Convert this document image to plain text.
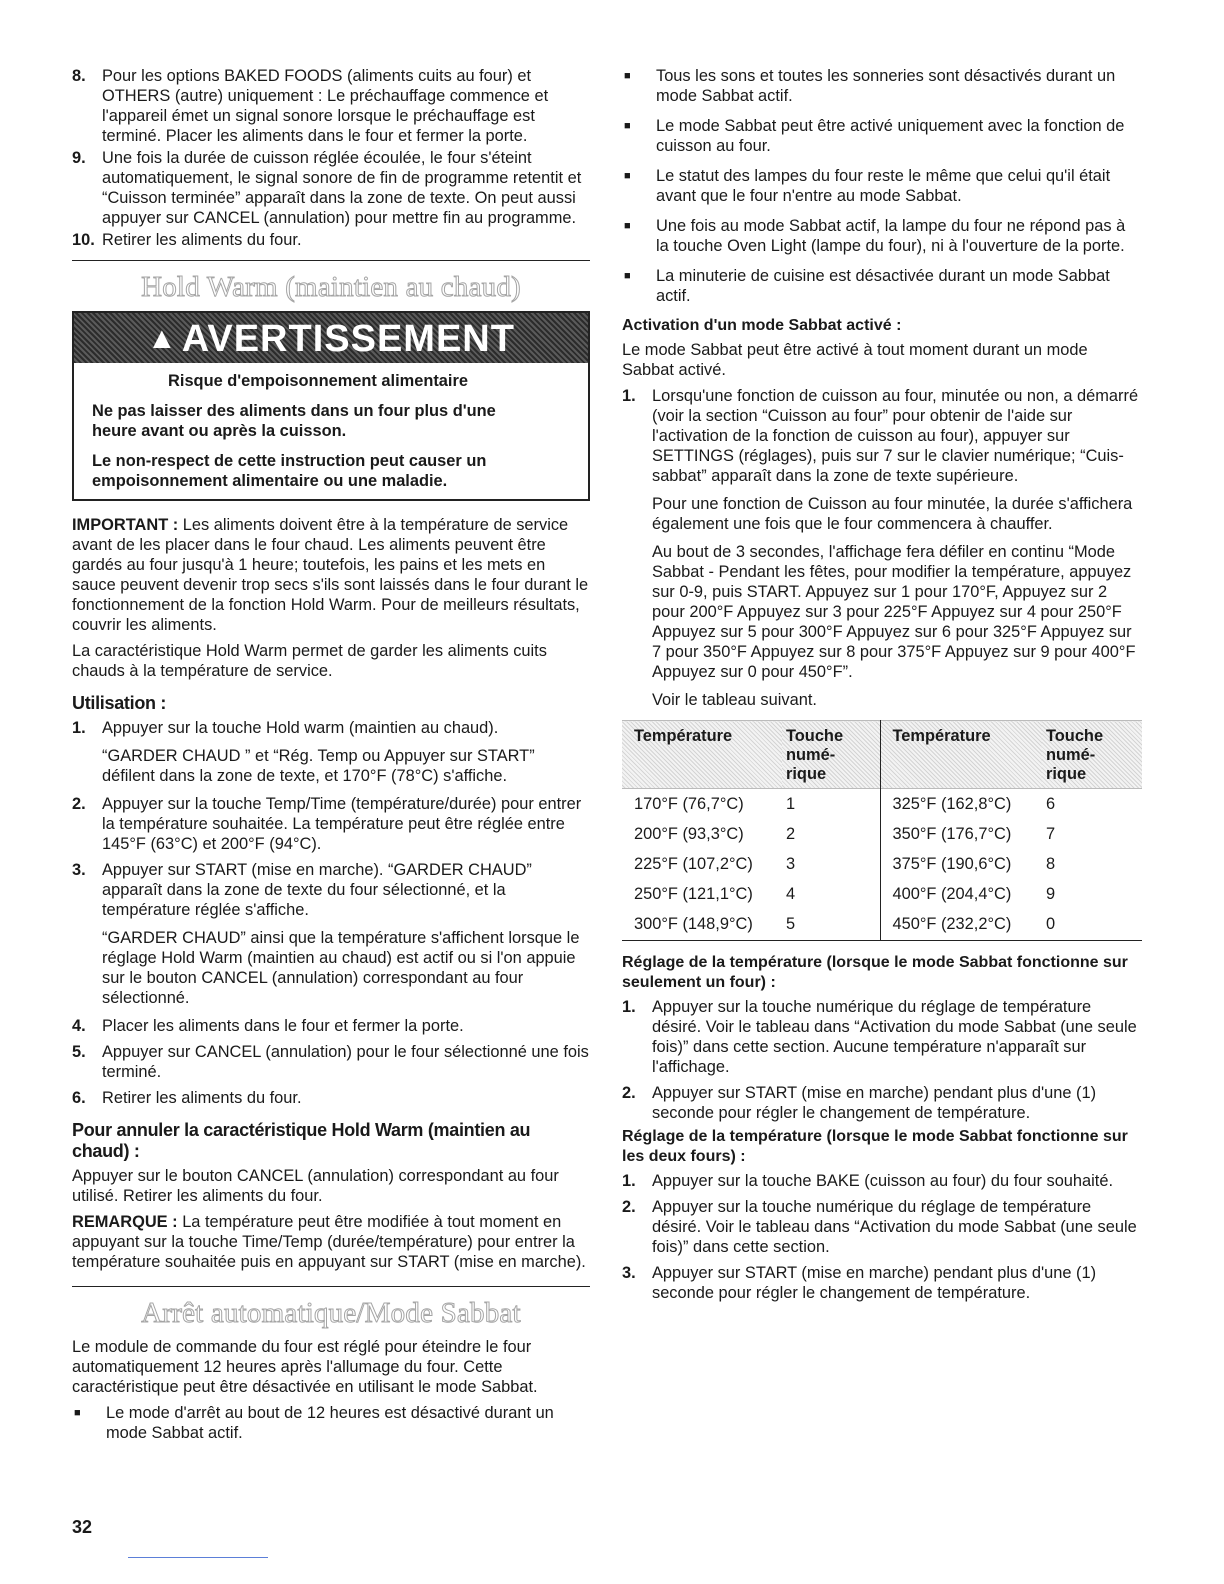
8. Pour les options BAKED FOODS (aliments cuits au four) et OTHERS (autre) uniquement : Le préchauffage commence et l'appareil émet un signal sonore lorsque le préchauffage est terminé. Placer les aliments dans le four et fermer la porte.
9. Une fois la durée de cuisson réglée écoulée, le four s'éteint automatiquement, le signal sonore de fin de programme retentit et “Cuisson terminée” apparaît dans la zone de texte. On peut aussi appuyer sur CANCEL (annulation) pour mettre fin au programme.
10. Retirer les aliments du four.
Hold Warm (maintien au chaud)
▲ AVERTISSEMENT
Risque d'empoisonnement alimentaire

Ne pas laisser des aliments dans un four plus d'une heure avant ou après la cuisson.

Le non-respect de cette instruction peut causer un empoisonnement alimentaire ou une maladie.

IMPORTANT : Les aliments doivent être à la température de service avant de les placer dans le four chaud. Les aliments peuvent être gardés au four jusqu'à 1 heure; toutefois, les pains et les mets en sauce peuvent devenir trop secs s'ils sont laissés dans le four durant le fonctionnement de la fonction Hold Warm. Pour de meilleurs résultats, couvrir les aliments.

La caractéristique Hold Warm permet de garder les aliments cuits chauds à la température de service.

Utilisation :
1. Appuyer sur la touche Hold warm (maintien au chaud).
“GARDER CHAUD ” et “Rég. Temp ou Appuyer sur START” défilent dans la zone de texte, et 170°F (78°C) s'affiche.
2. Appuyer sur la touche Temp/Time (température/durée) pour entrer la température souhaitée. La température peut être réglée entre 145°F (63°C) et 200°F (94°C).
3. Appuyer sur START (mise en marche). “GARDER CHAUD” apparaît dans la zone de texte du four sélectionné, et la température réglée s'affiche.
“GARDER CHAUD” ainsi que la température s'affichent lorsque le réglage Hold Warm (maintien au chaud) est actif ou si l'on appuie sur le bouton CANCEL (annulation) correspondant au four sélectionné.
4. Placer les aliments dans le four et fermer la porte.
5. Appuyer sur CANCEL (annulation) pour le four sélectionné une fois terminé.
6. Retirer les aliments du four.
Pour annuler la caractéristique Hold Warm (maintien au chaud) :

Appuyer sur le bouton CANCEL (annulation) correspondant au four utilisé. Retirer les aliments du four.

REMARQUE : La température peut être modifiée à tout moment en appuyant sur la touche Time/Temp (durée/température) pour entrer la température souhaitée puis en appuyant sur START (mise en marche).

Arrêt automatique/Mode Sabbat

Le module de commande du four est réglé pour éteindre le four automatiquement 12 heures après l'allumage du four. Cette caractéristique peut être désactivée en utilisant le mode Sabbat.

■	Le mode d'arrêt au bout de 12 heures est désactivé durant un mode Sabbat actif.
■	Tous les sons et toutes les sonneries sont désactivés durant un mode Sabbat actif.
■	Le mode Sabbat peut être activé uniquement avec la fonction de cuisson au four.
■	Le statut des lampes du four reste le même que celui qu'il était avant que le four n'entre au mode Sabbat.
■	Une fois au mode Sabbat actif, la lampe du four ne répond pas à la touche Oven Light (lampe du four), ni à l'ouverture de la porte.
■	La minuterie de cuisine est désactivée durant un mode Sabbat actif.
Activation d'un mode Sabbat activé :

Le mode Sabbat peut être activé à tout moment durant un mode Sabbat activé.

1. Lorsqu'une fonction de cuisson au four, minutée ou non, a démarré (voir la section “Cuisson au four” pour obtenir de l'aide sur l'activation de la fonction de cuisson au four), appuyer sur SETTINGS (réglages), puis sur 7 sur le clavier numérique; “Cuis-sabbat” apparaît dans la zone de texte supérieure.
Pour une fonction de Cuisson au four minutée, la durée s'affichera également une fois que le four commencera à chauffer.
Au bout de 3 secondes, l'affichage fera défiler en continu “Mode Sabbat - Pendant les fêtes, pour modifier la température, appuyez sur 0-9, puis START. Appuyez sur 1 pour 170°F, Appuyez sur 2 pour 200°F Appuyez sur 3 pour 225°F Appuyez sur 4 pour 250°F Appuyez sur 5 pour 300°F Appuyez sur 6 pour 325°F Appuyez sur 7 pour 350°F Appuyez sur 8 pour 375°F Appuyez sur 9 pour 400°F Appuyez sur 0 pour 450°F”.
Voir le tableau suivant.
Température	Touche numé- rique	Température	Touche numé- rique
170°F (76,7°C)	1	325°F (162,8°C)	6
200°F (93,3°C)	2	350°F (176,7°C)	7
225°F (107,2°C)	3	375°F (190,6°C)	8
250°F (121,1°C)	4	400°F (204,4°C)	9
300°F (148,9°C)	5	450°F (232,2°C)	0
Réglage de la température (lorsque le mode Sabbat fonctionne sur seulement un four) :
1. Appuyer sur la touche numérique du réglage de température désiré. Voir le tableau dans “Activation du mode Sabbat (une seule fois)” dans cette section. Aucune température n'apparaît sur l'affichage.
2. Appuyer sur START (mise en marche) pendant plus d'une (1) seconde pour régler le changement de température.
Réglage de la température (lorsque le mode Sabbat fonctionne sur les deux fours) :
1. Appuyer sur la touche BAKE (cuisson au four) du four souhaité.
2. Appuyer sur la touche numérique du réglage de température désiré. Voir le tableau dans “Activation du mode Sabbat (une seule fois)” dans cette section.
3. Appuyer sur START (mise en marche) pendant plus d'une (1) seconde pour régler le changement de température.
32
